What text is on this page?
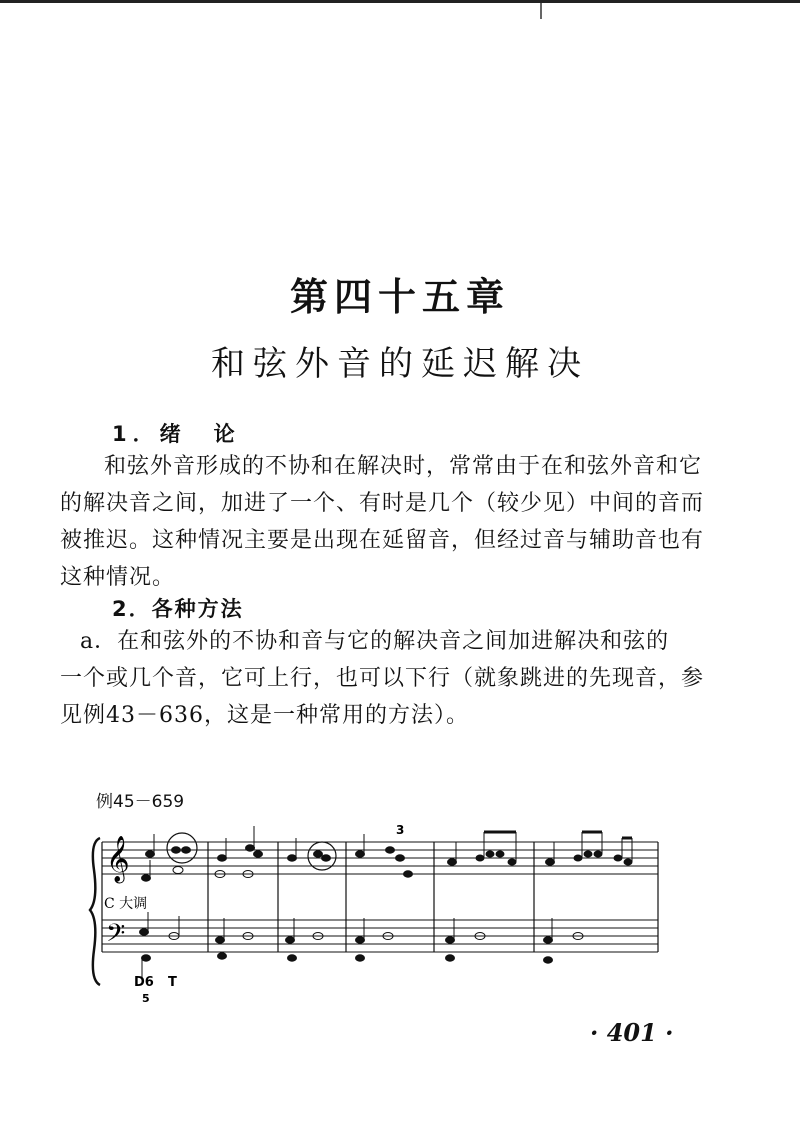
第四十五章
和弦外音的延迟解决
1．绪　论
和弦外音形成的不协和在解决时，常常由于在和弦外音和它
的解决音之间，加进了一个、有时是几个（较少见）中间的音而
被推迟。这种情况主要是出现在延留音，但经过音与辅助音也有
这种情况。
2．各种方法
a．在和弦外的不协和音与它的解决音之间加进解决和弦的
一个或几个音，它可上行，也可以下行（就象跳进的先现音，参
见例43－636，这是一种常用的方法）。
例45－659
𝄞
𝄢
C 大调
3
D6
5
T
· 401 ·
